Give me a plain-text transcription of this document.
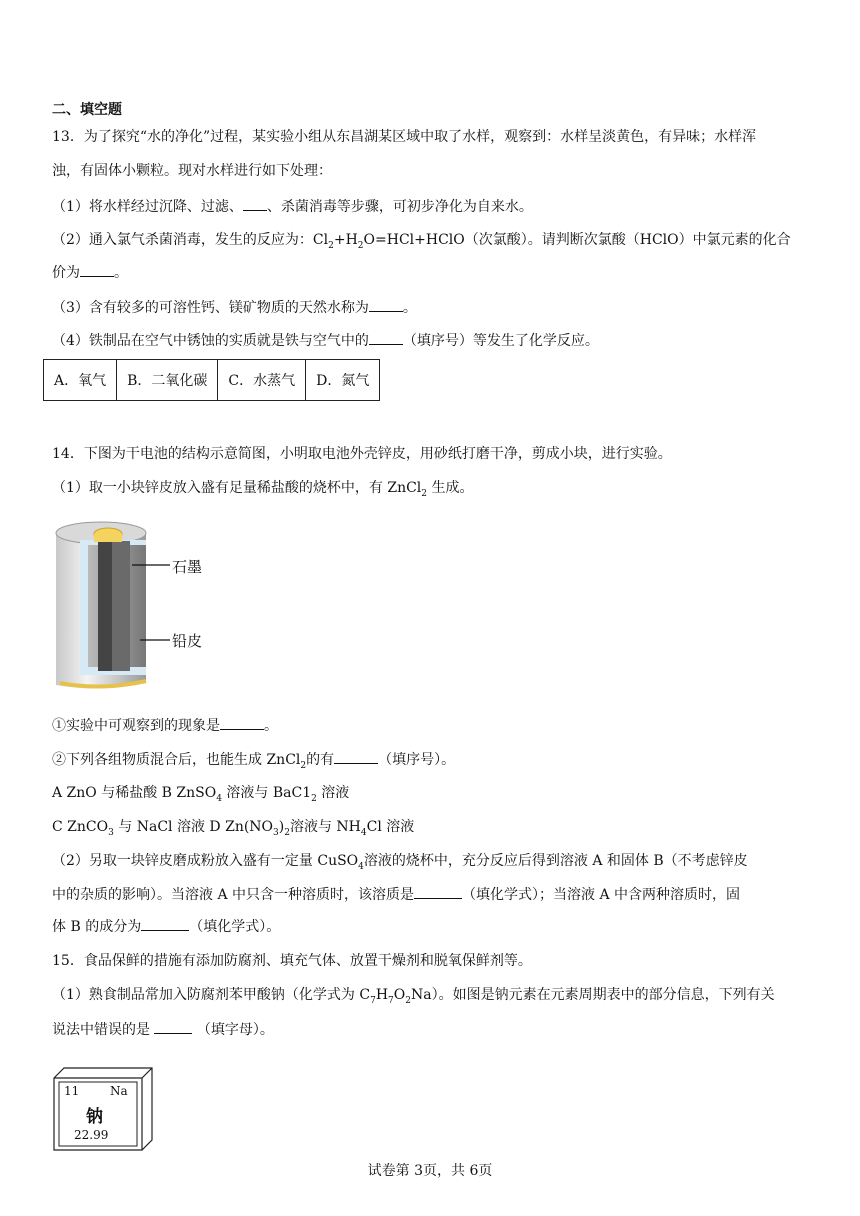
二、填空题
13．为了探究“水的净化”过程，某实验小组从东昌湖某区域中取了水样，观察到：水样呈淡黄色，有异味；水样浑
浊，有固体小颗粒。现对水样进行如下处理：
（1）将水样经过沉降、过滤、 、杀菌消毒等步骤，可初步净化为自来水。
（2）通入氯气杀菌消毒，发生的反应为：$Cl_2+H_2O=HCl+HClO$（次氯酸）。请判断次氯酸（HClO）中氯元素的化合
价为 。
（3）含有较多的可溶性钙、镁矿物质的天然水称为 。
（4）铁制品在空气中锈蚀的实质就是铁与空气中的 （填序号）等发生了化学反应。
A．氧气	B．二氧化碳	C．水蒸气	D．氮气
14．下图为干电池的结构示意简图，小明取电池外壳锌皮，用砂纸打磨干净，剪成小块，进行实验。
（1）取一小块锌皮放入盛有足量稀盐酸的烧杯中，有 ZnCl$_2$ 生成。
石墨
铅皮
①实验中可观察到的现象是	。
②下列各组物质混合后，也能生成 ZnCl$_2$的有	（填序号）。
A ZnO 与稀盐酸 B ZnSO$_4$ 溶液与 $BaC1_2$ 溶液
C ZnCO$_3$ 与 NaCl 溶液 D $Zn(NO_3)_2$溶液与 $NH_4Cl$ 溶液
（2）另取一块锌皮磨成粉放入盛有一定量 CuSO$_4$溶液的烧杯中，充分反应后得到溶液 A 和固体 B（不考虑锌皮
中的杂质的影响）。当溶液 A 中只含一种溶质时，该溶质是	（填化学式）；当溶液 A 中含两种溶质时，固
体 B 的成分为	（填化学式）。
15．食品保鲜的措施有添加防腐剂、填充气体、放置干燥剂和脱氧保鲜剂等。
（1）熟食制品常加入防腐剂苯甲酸钠（化学式为 $C_7H_7O_2Na$）。如图是钠元素在元素周期表中的部分信息，下列有关
说法中错误的是	（填字母）。
11	Na
钠
22.99
试卷第 3页，共 6页
